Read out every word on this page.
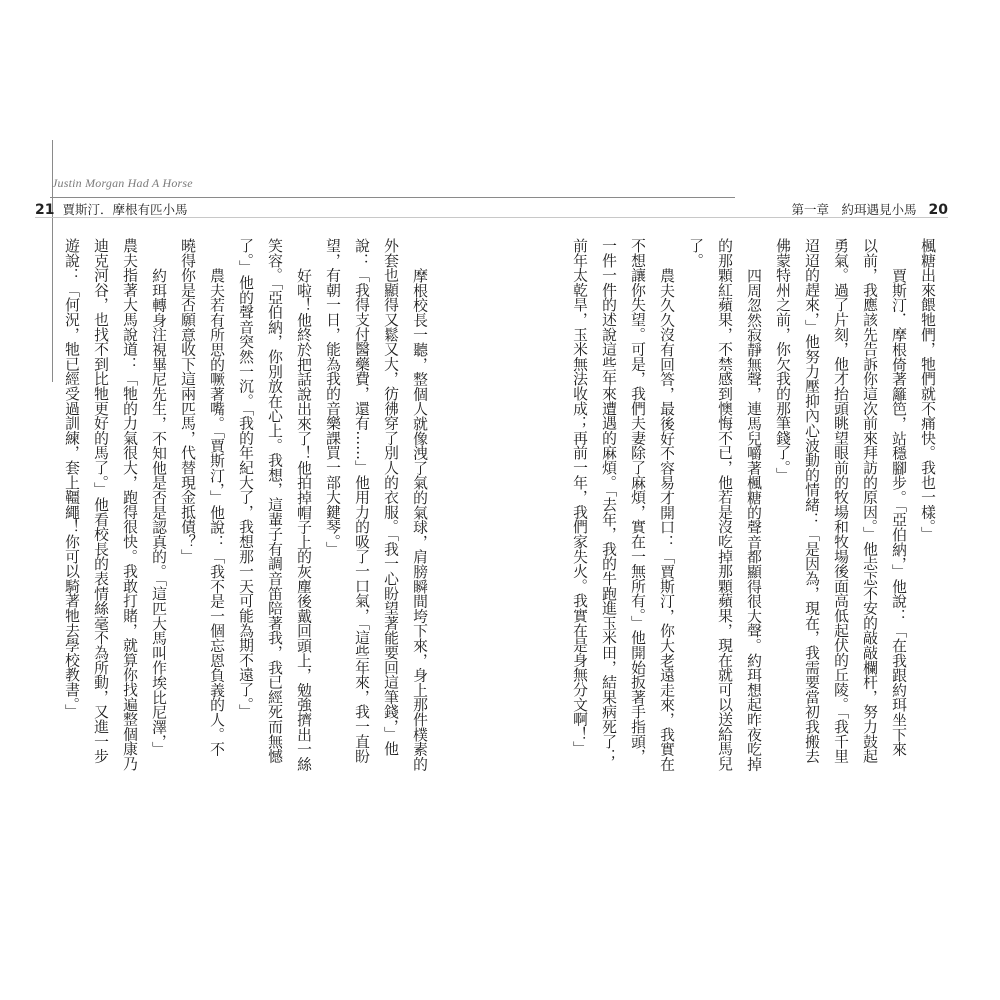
Justin Morgan Had A Horse
21 賈斯汀．摩根有匹小馬	第一章　約珥遇見小馬 20
楓糖出來餵牠們，牠們就不痛快。我也一樣。」
賈斯汀．摩根倚著籬笆，站穩腳步。「亞伯納，」他說：「在我跟約珥坐下來
以前，我應該先告訴你這次前來拜訪的原因。」他忐忑不安的敲敲欄杆，努力鼓起
勇氣。過了片刻，他才抬頭眺望眼前的牧場和牧場後面高低起伏的丘陵。「我千里
迢迢的趕來，」他努力壓抑內心波動的情緒：「是因為，現在，我需要當初我搬去
佛蒙特州之前，你欠我的那筆錢了。」
四周忽然寂靜無聲，連馬兒嚼著楓糖的聲音都顯得很大聲。約珥想起昨夜吃掉
的那顆紅蘋果，不禁感到懊悔不已，他若是沒吃掉那顆蘋果，現在就可以送給馬兒
了。
農夫久久沒有回答，最後好不容易才開口：「賈斯汀，你大老遠走來，我實在
不想讓你失望。可是，我們夫妻除了麻煩，實在一無所有。」他開始扳著手指頭，
一件一件的述說這些年來遭遇的麻煩。「去年，我的牛跑進玉米田，結果病死了；
前年太乾旱，玉米無法收成；再前一年，我們家失火。我實在是身無分文啊！」
摩根校長一聽，整個人就像洩了氣的氣球，肩膀瞬間垮下來，身上那件樸素的
外套也顯得又鬆又大，彷彿穿了別人的衣服。「我一心盼望著能要回這筆錢，」他
說：「我得支付醫藥費，還有……」他用力的吸了一口氣，「這些年來，我一直盼
望，有朝一日，能為我的音樂課買一部大鍵琴。」
好啦！他終於把話說出來了！他拍掉帽子上的灰塵後戴回頭上，勉強擠出一絲
笑容。「亞伯納，你別放在心上。我想，這輩子有調音笛陪著我，我已經死而無憾
了。」他的聲音突然一沉。「我的年紀大了，我想那一天可能為期不遠了。」
農夫若有所思的噘著嘴。「賈斯汀，」他說：「我不是一個忘恩負義的人。不
曉得你是否願意收下這兩匹馬，代替現金抵債？」
約珥轉身注視畢尼先生，不知他是否是認真的。「這匹大馬叫作埃比尼澤，」
農夫指著大馬說道：「牠的力氣很大，跑得很快。我敢打賭，就算你找遍整個康乃
迪克河谷，也找不到比牠更好的馬了。」他看校長的表情絲毫不為所動，又進一步
遊說：「何況，牠已經受過訓練，套上韁繩！你可以騎著牠去學校教書。」
